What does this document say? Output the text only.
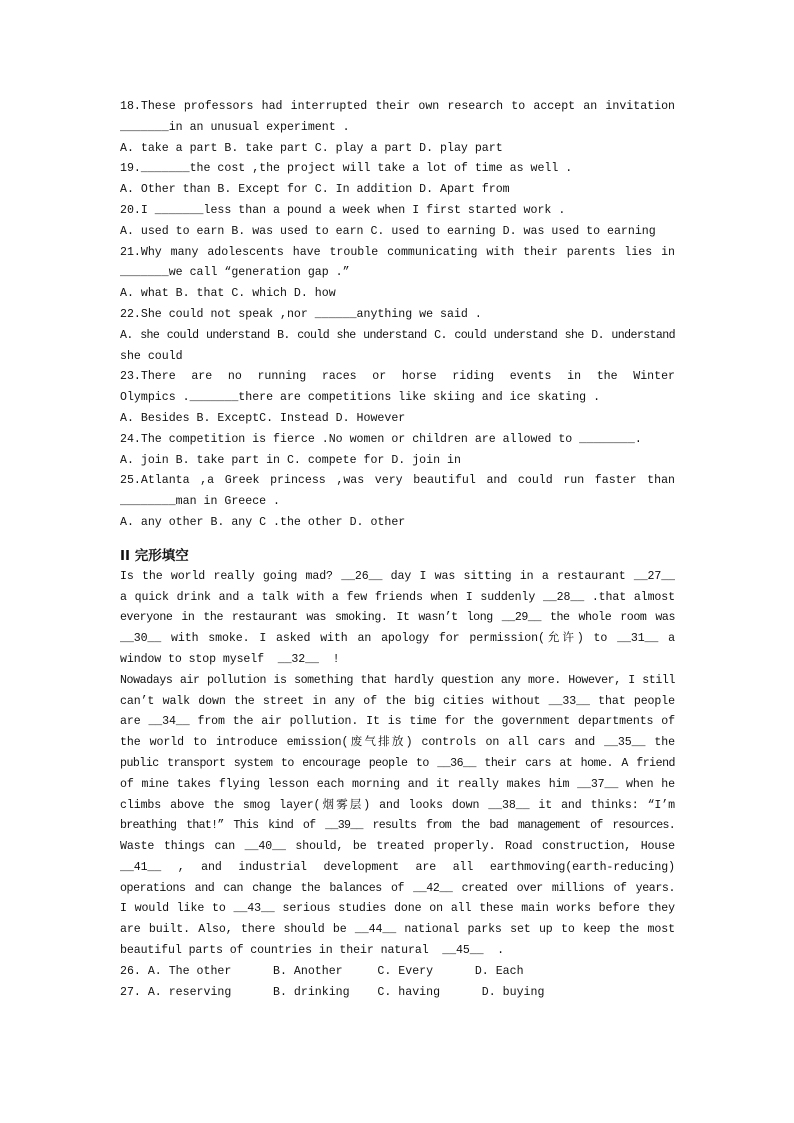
18.These professors had interrupted their own research to accept an invitation
_______in an unusual experiment .
A. take a part B. take part C. play a part D. play part
19._______the cost ,the project will take a lot of time as well .
A. Other than B. Except for C. In addition D. Apart from
20.I _______less than a pound a week when I first started work .
A. used to earn B. was used to earn C. used to earning D. was used to earning
21.Why many adolescents have trouble communicating with their parents lies in
_______we call “generation gap .”
A. what B. that C. which D. how
22.She could not speak ,nor ______anything we said .
A. she could understand B. could she understand C. could understand she D. understand
she could
23.There are no running races or horse riding events in the Winter
Olympics ._______there are competitions like skiing and ice skating .
A. Besides B. ExceptC. Instead D. However
24.The competition is fierce .No women or children are allowed to ________.
A. join B. take part in C. compete for D. join in
25.Atlanta ,a Greek princess ,was very beautiful and could run faster than
________man in Greece .
A. any other B. any C .the other D. other
II 完形填空
Is the world really going mad? __26__ day I was sitting in a restaurant __27__
a quick drink and a talk with a few friends when I suddenly __28__ .that almost
everyone in the restaurant was smoking. It wasn’t long __29__ the whole room was
__30__ with smoke. I asked with an apology for permission(允许) to __31__ a
window to stop myself  __32__  !
Nowadays air pollution is something that hardly question any more. However, I still
can’t walk down the street in any of the big cities without __33__ that people
are __34__ from the air pollution. It is time for the government departments of
the world to introduce emission(废气排放) controls on all cars and __35__ the
public transport system to encourage people to __36__ their cars at home. A friend
of mine takes flying lesson each morning and it really makes him __37__ when he
climbs above the smog layer(烟雾层) and looks down __38__ it and thinks: “I’m
breathing that!” This kind of __39__ results from the bad management of resources.
Waste things can __40__ should, be treated properly. Road construction, House
__41__ , and industrial development are all earthmoving(earth-reducing)
operations and can change the balances of __42__ created over millions of years.
I would like to __43__ serious studies done on all these main works before they
are built. Also, there should be __44__ national parks set up to keep the most
beautiful parts of countries in their natural  __45__  .
26. A. The other      B. Another     C. Every      D. Each
27. A. reserving      B. drinking    C. having      D. buying
